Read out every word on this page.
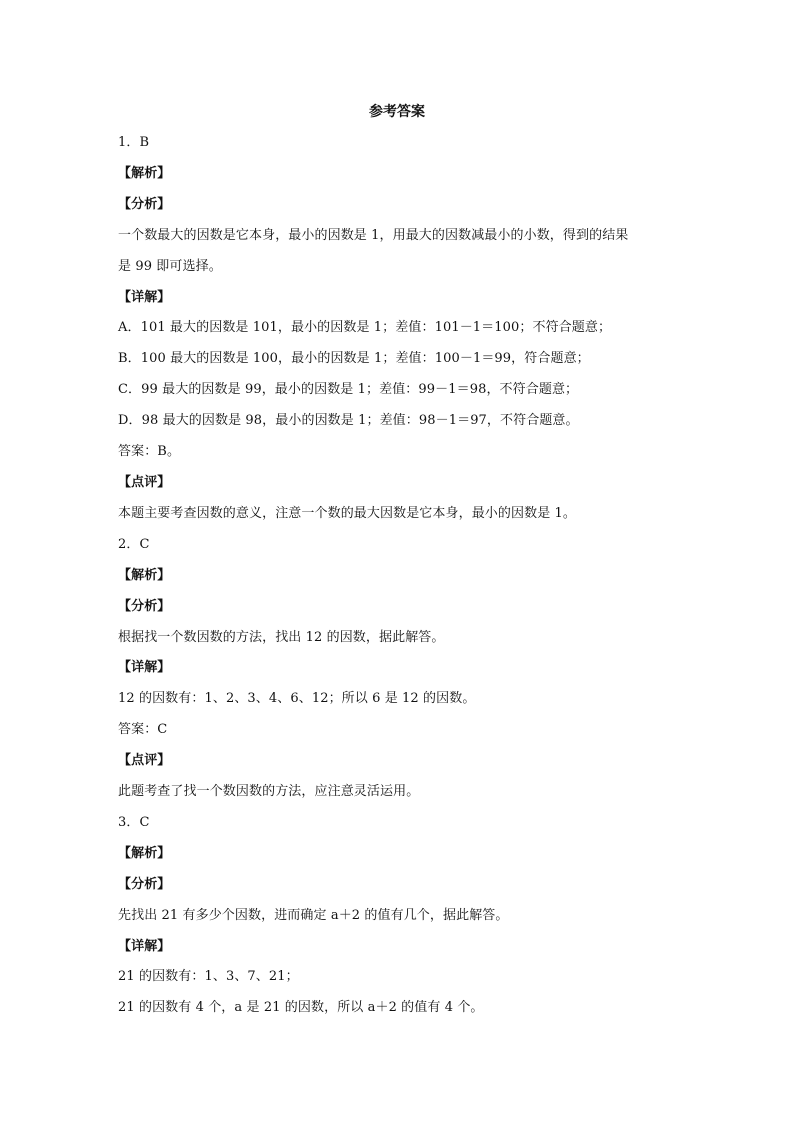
参考答案
1．B
【解析】
【分析】
一个数最大的因数是它本身，最小的因数是 1，用最大的因数减最小的小数，得到的结果
是 99 即可选择。
【详解】
A．101 最大的因数是 101，最小的因数是 1；差值：101－1＝100；不符合题意；
B．100 最大的因数是 100，最小的因数是 1；差值：100－1＝99，符合题意；
C．99 最大的因数是 99，最小的因数是 1；差值：99－1＝98，不符合题意；
D．98 最大的因数是 98，最小的因数是 1；差值：98－1＝97，不符合题意。
答案：B。
【点评】
本题主要考查因数的意义，注意一个数的最大因数是它本身，最小的因数是 1。
2．C
【解析】
【分析】
根据找一个数因数的方法，找出 12 的因数，据此解答。
【详解】
12 的因数有：1、2、3、4、6、12；所以 6 是 12 的因数。
答案：C
【点评】
此题考查了找一个数因数的方法，应注意灵活运用。
3．C
【解析】
【分析】
先找出 21 有多少个因数，进而确定 a＋2 的值有几个，据此解答。
【详解】
21 的因数有：1、3、7、21；
21 的因数有 4 个，a 是 21 的因数，所以 a＋2 的值有 4 个。
